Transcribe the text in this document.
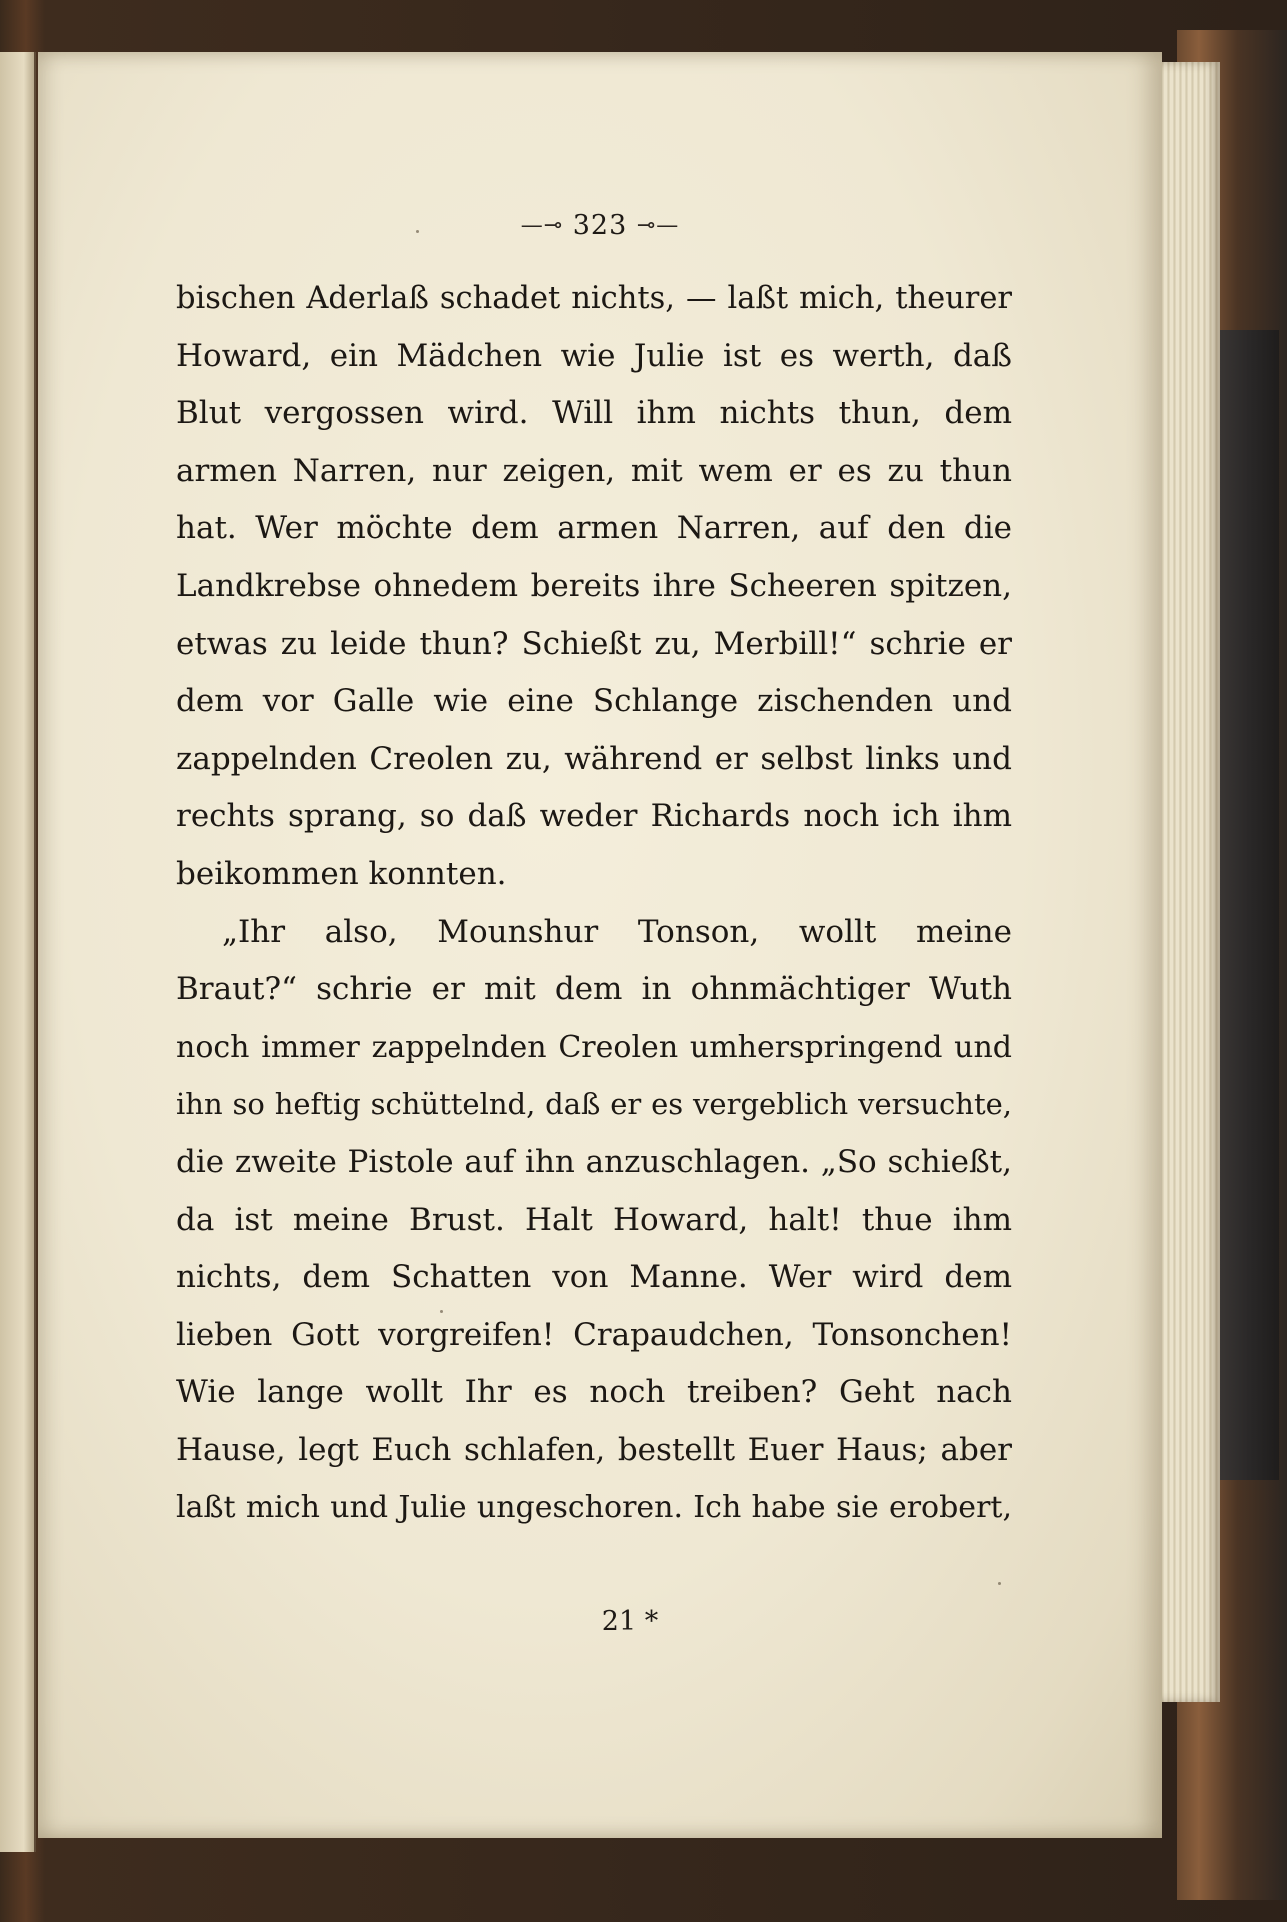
—⊸ 323 ⊸—
bischen Aderlaß schadet nichts, — laßt mich, theurer
Howard, ein Mädchen wie Julie ist es werth, daß
Blut vergossen wird. Will ihm nichts thun, dem
armen Narren, nur zeigen, mit wem er es zu thun
hat. Wer möchte dem armen Narren, auf den die
Landkrebse ohnedem bereits ihre Scheeren spitzen,
etwas zu leide thun? Schießt zu, Merbill!“ schrie er
dem vor Galle wie eine Schlange zischenden und
zappelnden Creolen zu, während er selbst links und
rechts sprang, so daß weder Richards noch ich ihm
beikommen konnten.
„Ihr also, Mounshur Tonson, wollt meine
Braut?“ schrie er mit dem in ohnmächtiger Wuth
noch immer zappelnden Creolen umherspringend und
ihn so heftig schüttelnd, daß er es vergeblich versuchte,
die zweite Pistole auf ihn anzuschlagen. „So schießt,
da ist meine Brust. Halt Howard, halt! thue ihm
nichts, dem Schatten von Manne. Wer wird dem
lieben Gott vorgreifen! Crapaudchen, Tonsonchen!
Wie lange wollt Ihr es noch treiben? Geht nach
Hause, legt Euch schlafen, bestellt Euer Haus; aber
laßt mich und Julie ungeschoren. Ich habe sie erobert,
21 *
